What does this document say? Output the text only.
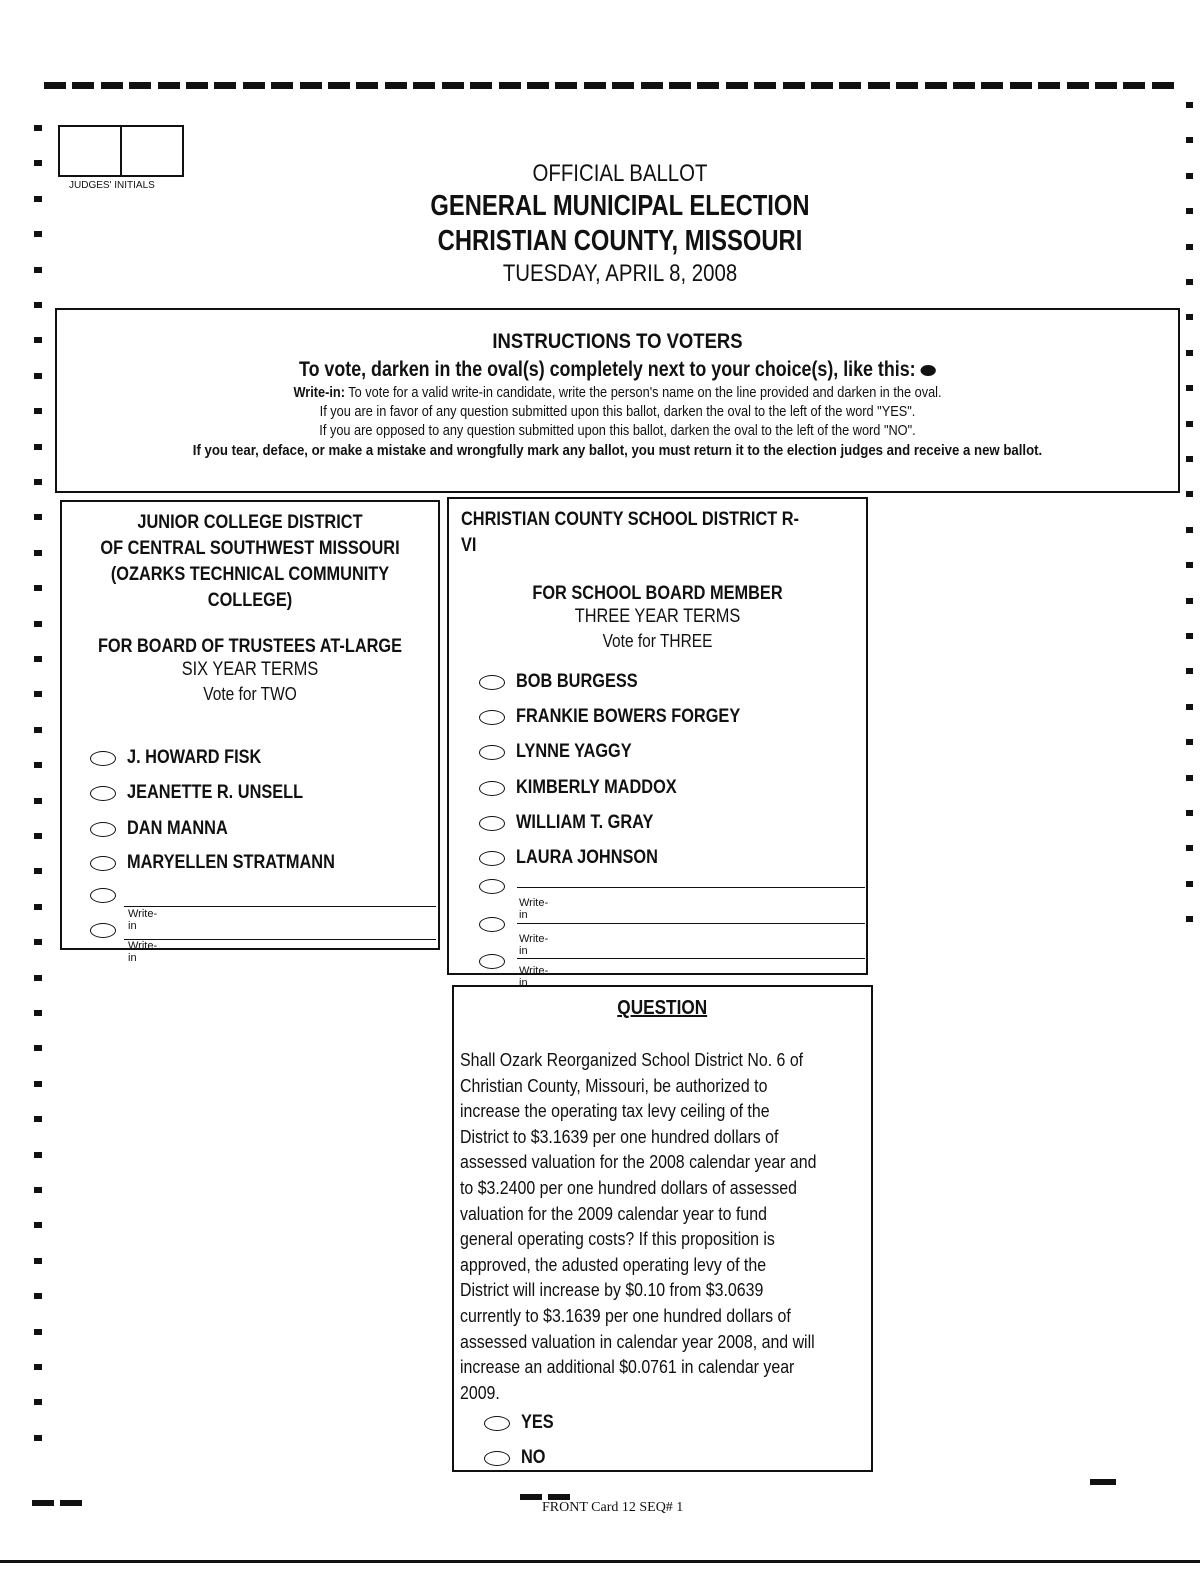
JUDGES' INITIALS	OFFICIAL BALLOT
GENERAL MUNICIPAL ELECTION
CHRISTIAN COUNTY, MISSOURI
TUESDAY, APRIL 8, 2008
INSTRUCTIONS TO VOTERS
To vote, darken in the oval(s) completely next to your choice(s), like this:
Write-in: To vote for a valid write-in candidate, write the person's name on the line provided and darken in the oval.
If you are in favor of any question submitted upon this ballot, darken the oval to the left of the word "YES".
If you are opposed to any question submitted upon this ballot, darken the oval to the left of the word "NO".
If you tear, deface, or make a mistake and wrongfully mark any ballot, you must return it to the election judges and receive a new ballot.
JUNIOR COLLEGE DISTRICT
OF CENTRAL SOUTHWEST MISSOURI
(OZARKS TECHNICAL COMMUNITY
COLLEGE)
FOR BOARD OF TRUSTEES AT-LARGE
SIX YEAR TERMS
Vote for TWO
J. HOWARD FISK
JEANETTE R. UNSELL
DAN MANNA
MARYELLEN STRATMANN
Write-in
Write-in
CHRISTIAN COUNTY SCHOOL DISTRICT R-VI
FOR SCHOOL BOARD MEMBER
THREE YEAR TERMS
Vote for THREE
BOB BURGESS
FRANKIE BOWERS FORGEY
LYNNE YAGGY
KIMBERLY MADDOX
WILLIAM T. GRAY
LAURA JOHNSON
Write-in
Write-in
Write-in
QUESTION
Shall Ozark Reorganized School District No. 6 of
Christian County, Missouri, be authorized to
increase the operating tax levy ceiling of the
District to $3.1639 per one hundred dollars of
assessed valuation for the 2008 calendar year and
to $3.2400 per one hundred dollars of assessed
valuation for the 2009 calendar year to fund
general operating costs? If this proposition is
approved, the adusted operating levy of the
District will increase by $0.10 from $3.0639
currently to $3.1639 per one hundred dollars of
assessed valuation in calendar year 2008, and will
increase an additional $0.0761 in calendar year
2009.
YES
NO
FRONT Card 12 SEQ# 1
